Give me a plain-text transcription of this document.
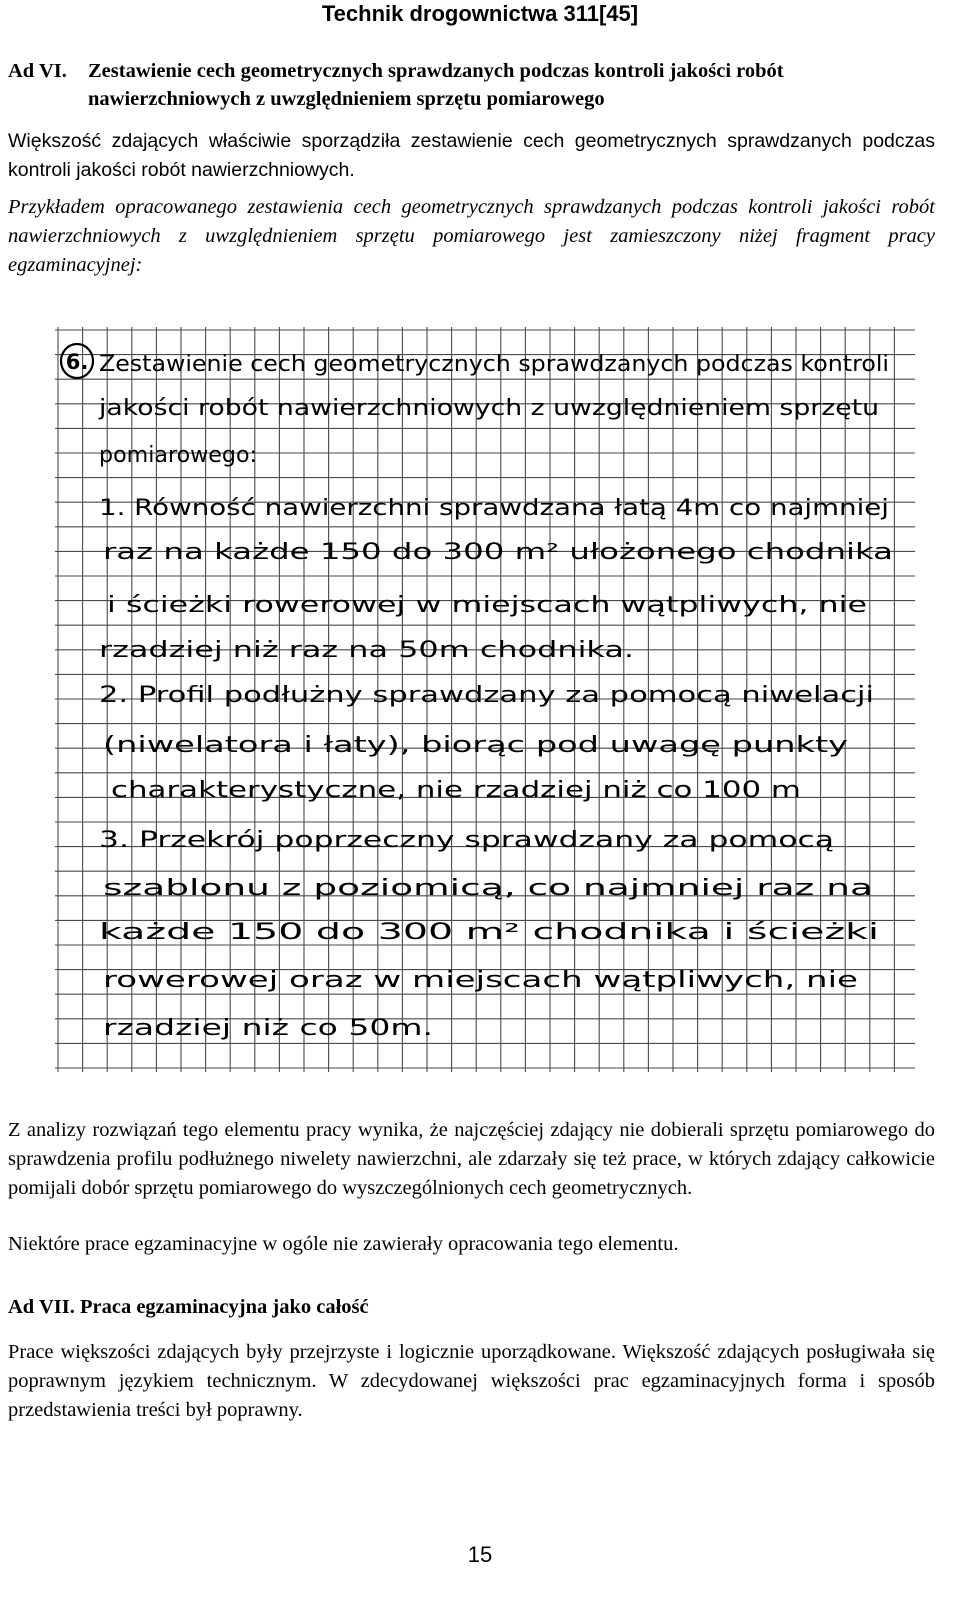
Technik drogownictwa 311[45]
Ad VI. Zestawienie cech geometrycznych sprawdzanych podczas kontroli jakości robót
nawierzchniowych z uwzględnieniem sprzętu pomiarowego
Większość zdających właściwie sporządziła zestawienie cech geometrycznych sprawdzanych podczas kontroli jakości robót nawierzchniowych.
Przykładem opracowanego zestawienia cech geometrycznych sprawdzanych podczas kontroli jakości robót nawierzchniowych z uwzględnieniem sprzętu pomiarowego jest zamieszczony niżej fragment pracy egzaminacyjnej:
6. Zestawienie cech geometrycznych sprawdzanych podczas kontroli
jakości robót nawierzchniowych z uwzględnieniem sprzętu
pomiarowego:
1. Równość nawierzchni sprawdzana łatą 4m co najmniej
raz na każde 150 do 300 m² ułożonego chodnika
i ścieżki rowerowej w miejscach wątpliwych, nie
rzadziej niż raz na 50m chodnika.
2. Profil podłużny sprawdzany za pomocą niwelacji
(niwelatora i łaty), biorąc pod uwagę punkty
charakterystyczne, nie rzadziej niż co 100 m
3. Przekrój poprzeczny sprawdzany za pomocą
szablonu z poziomicą, co najmniej raz na
każde 150 do 300 m² chodnika i ścieżki
rowerowej oraz w miejscach wątpliwych, nie
rzadziej niż co 50m.
Z analizy rozwiązań tego elementu pracy wynika, że najczęściej zdający nie dobierali sprzętu pomiarowego do sprawdzenia profilu podłużnego niwelety nawierzchni, ale zdarzały się też prace, w których zdający całkowicie pomijali dobór sprzętu pomiarowego do wyszczególnionych cech geometrycznych.
Niektóre prace egzaminacyjne w ogóle nie zawierały opracowania tego elementu.
Ad VII. Praca egzaminacyjna jako całość
Prace większości zdających były przejrzyste i logicznie uporządkowane. Większość zdających posługiwała się poprawnym językiem technicznym. W zdecydowanej większości prac egzaminacyjnych forma i sposób przedstawienia treści był poprawny.
15
